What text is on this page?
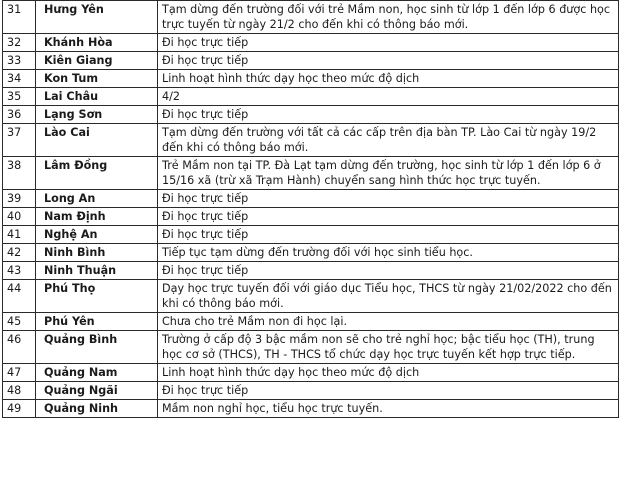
31	Hưng Yên	Tạm dừng đến trường đối với trẻ Mầm non, học sinh từ lớp 1 đến lớp 6 được học trực tuyến từ ngày 21/2 cho đến khi có thông báo mới.
32	Khánh Hòa	Đi học trực tiếp
33	Kiên Giang	Đi học trực tiếp
34	Kon Tum	Linh hoạt hình thức dạy học theo mức độ dịch
35	Lai Châu	4/2
36	Lạng Sơn	Đi học trực tiếp
37	Lào Cai	Tạm dừng đến trường với tất cả các cấp trên địa bàn TP. Lào Cai từ ngày 19/2 đến khi có thông báo mới.
38	Lâm Đồng	Trẻ Mầm non tại TP. Đà Lạt tạm dừng đến trường, học sinh từ lớp 1 đến lớp 6 ở 15/16 xã (trừ xã Trạm Hành) chuyển sang hình thức học trực tuyến.
39	Long An	Đi học trực tiếp
40	Nam Định	Đi học trực tiếp
41	Nghệ An	Đi học trực tiếp
42	Ninh Bình	Tiếp tục tạm dừng đến trường đối với học sinh tiểu học.
43	Ninh Thuận	Đi học trực tiếp
44	Phú Thọ	Dạy học trực tuyến đối với giáo dục Tiểu học, THCS từ ngày 21/02/2022 cho đến khi có thông báo mới.
45	Phú Yên	Chưa cho trẻ Mầm non đi học lại.
46	Quảng Bình	Trường ở cấp độ 3 bậc mầm non sẽ cho trẻ nghỉ học; bậc tiểu học (TH), trung học cơ sở (THCS), TH - THCS tổ chức dạy học trực tuyến kết hợp trực tiếp.
47	Quảng Nam	Linh hoạt hình thức dạy học theo mức độ dịch
48	Quảng Ngãi	Đi học trực tiếp
49	Quảng Ninh	Mầm non nghỉ học, tiểu học trực tuyến.
